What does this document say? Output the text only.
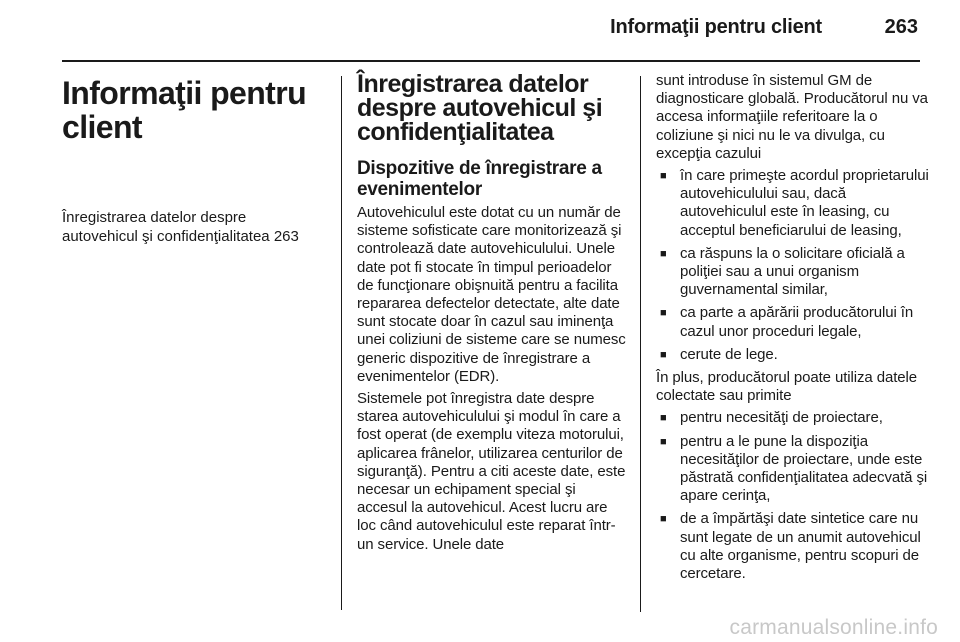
Informaţii pentru client	263
Informaţii pentru client
Înregistrarea datelor despre autovehicul şi confidenţialitatea 263
Înregistrarea datelor despre autovehicul şi confidenţialitatea
Dispozitive de înregistrare a evenimentelor

Autovehiculul este dotat cu un număr de sisteme sofisticate care monitorizează şi controlează date autovehiculului. Unele date pot fi stocate în timpul perioadelor de funcţionare obişnuită pentru a facilita repararea defectelor detectate, alte date sunt stocate doar în cazul sau iminenţa unei coliziuni de sisteme care se numesc generic dispozitive de înregistrare a evenimentelor (EDR).

Sistemele pot înregistra date despre starea autovehiculului şi modul în care a fost operat (de exemplu viteza motorului, aplicarea frânelor, utilizarea centurilor de siguranţă). Pentru a citi aceste date, este necesar un echipament special şi accesul la autovehicul. Acest lucru are loc când autovehiculul este reparat într-un service. Unele date

sunt introduse în sistemul GM de diagnosticare globală. Producătorul nu va accesa informaţiile referitoare la o coliziune şi nici nu le va divulga, cu excepţia cazului

■ în care primeşte acordul proprietarului autovehiculului sau, dacă autovehiculul este în leasing, cu acceptul beneficiarului de leasing,
■ ca răspuns la o solicitare oficială a poliţiei sau a unui organism guvernamental similar,
■ ca parte a apărării producătorului în cazul unor proceduri legale,
■ cerute de lege.

În plus, producătorul poate utiliza datele colectate sau primite

■ pentru necesităţi de proiectare,
■ pentru a le pune la dispoziţia necesităţilor de proiectare, unde este păstrată confidenţialitatea adecvată şi apare cerinţa,
■ de a împărtăşi date sintetice care nu sunt legate de un anumit autovehicul cu alte organisme, pentru scopuri de cercetare.
carmanualsonline.info
